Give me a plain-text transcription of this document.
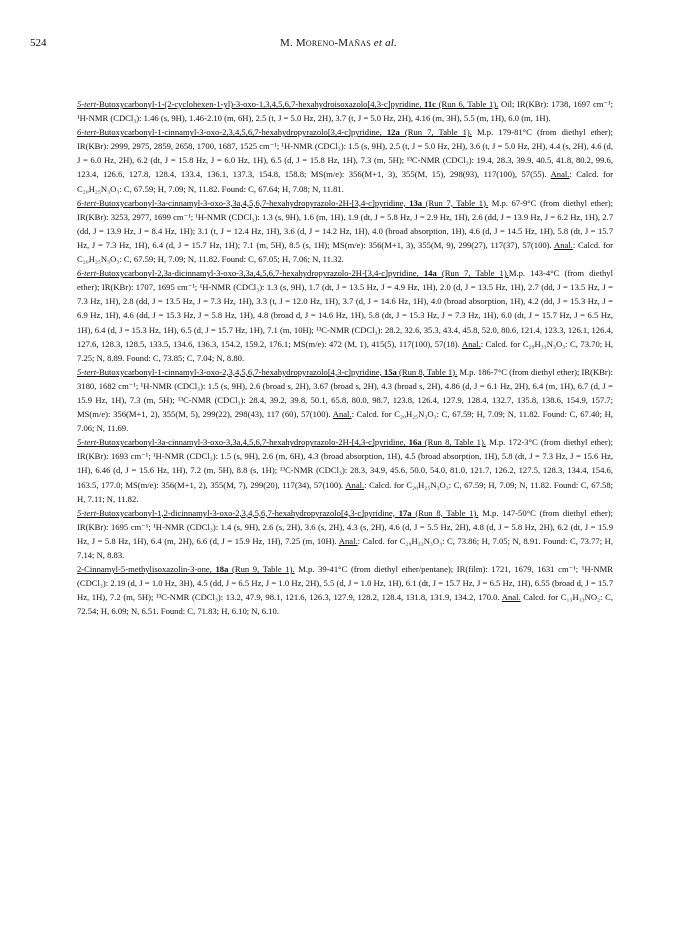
524	M. Moreno-Mañas et al.

5-tert-Butoxycarbonyl-1-(2-cyclohexen-1-yl)-3-oxo-1,3,4,5,6,7-hexahydroisoxazolo[4,3-c]pyridine, 11c (Run 6, Table 1). Oil; IR(KBr): 1738, 1697 cm⁻¹; ¹H-NMR (CDCl₃): 1.46 (s, 9H), 1.46-2.10 (m, 6H), 2.5 (t, J = 5.0 Hz, 2H), 3.7 (t, J = 5.0 Hz, 2H), 4.16 (m, 3H), 5.5 (m, 1H), 6.0 (m, 1H).

6-tert-Butoxycarbonyl-1-cinnamyl-3-oxo-2,3,4,5,6,7-hexahydropyrazolo[3,4-c]pyridine, 12a (Run 7, Table 1). M.p. 179-81°C (from diethyl ether); IR(KBr): 2999, 2975, 2859, 2658, 1700, 1687, 1525 cm⁻¹; ¹H-NMR (CDCl₃): 1.5 (s, 9H), 2.5 (t, J = 5.0 Hz, 2H), 3.6 (t, J = 5.0 Hz, 2H), 4.4 (s, 2H), 4.6 (d, J = 6.0 Hz, 2H), 6.2 (dt, J = 15.8 Hz, J = 6.0 Hz, 1H), 6.5 (d, J = 15.8 Hz, 1H), 7.3 (m, 5H); ¹³C-NMR (CDCl₃): 19.4, 28.3, 39.9, 40.5, 41.8, 80.2, 99.6, 123.4, 126.6, 127.8, 128.4, 133.4, 136.1, 137.3, 154.8, 158.8; MS(m/e): 356(M+1, 3), 355(M, 15), 298(93), 117(100), 57(55). Anal.: Calcd. for C₂₀H₂₅N₃O₃: C, 67.59; H, 7.09; N, 11.82. Found: C, 67.64; H, 7.08; N, 11.81.

6-tert-Butoxycarbonyl-3a-cinnamyl-3-oxo-3,3a,4,5,6,7-hexahydropyrazolo-2H-[3,4-c]pyridine, 13a (Run 7, Table 1). M.p. 67-9°C (from diethyl ether); IR(KBr): 3253, 2977, 1699 cm⁻¹; ¹H-NMR (CDCl₃): 1.3 (s, 9H), 1.6 (m, 1H), 1.9 (dt, J = 5.8 Hz, J = 2.9 Hz, 1H), 2.6 (dd, J = 13.9 Hz, J = 6.2 Hz, 1H), 2.7 (dd, J = 13.9 Hz, J = 8.4 Hz, 1H); 3.1 (t, J = 12.4 Hz, 1H), 3.6 (d, J = 14.2 Hz, 1H), 4.0 (broad absorption, 1H), 4.6 (d, J = 14.5 Hz, 1H), 5.8 (dt, J = 15.7 Hz, J = 7.3 Hz, 1H), 6.4 (d, J = 15.7 Hz, 1H); 7.1 (m, 5H), 8.5 (s, 1H); MS(m/e): 356(M+1, 3), 355(M, 9), 299(27), 117(37), 57(100). Anal.: Calcd. for C₂₀H₂₅N₃O₃: C, 67.59; H, 7.09; N, 11.82. Found: C, 67.05; H, 7.06; N, 11.32.

6-tert-Butoxycarbonyl-2,3a-dicinnamyl-3-oxo-3,3a,4,5,6,7-hexahydropyrazolo-2H-[3,4-c]pyridine, 14a (Run 7, Table 1).M.p. 143-4°C (from diethyl ether); IR(KBr): 1707, 1695 cm⁻¹; ¹H-NMR (CDCl₃): 1.3 (s, 9H), 1.7 (dt, J = 13.5 Hz, J = 4.9 Hz, 1H), 2.0 (d, J = 13.5 Hz, 1H), 2.7 (dd, J = 13.5 Hz, J = 7.3 Hz, 1H), 2.8 (dd, J = 13.5 Hz, J = 7.3 Hz, 1H), 3.3 (t, J = 12.0 Hz, 1H), 3.7 (d, J = 14.6 Hz, 1H), 4.0 (broad absorption, 1H), 4.2 (dd, J = 15.3 Hz, J = 6.9 Hz, 1H), 4.6 (dd, J = 15.3 Hz, J = 5.8 Hz, 1H), 4.8 (broad d, J = 14.6 Hz, 1H), 5.8 (dt, J = 15.3 Hz, J = 7.3 Hz, 1H), 6.0 (dt, J = 15.7 Hz, J = 6.5 Hz, 1H), 6.4 (d, J = 15.3 Hz, 1H), 6.5 (d, J = 15.7 Hz, 1H), 7.1 (m, 10H); ¹³C-NMR (CDCl₃): 28.2, 32.6, 35.3, 43.4, 45.8, 52.0, 80.6, 121.4, 123.3, 126.1, 126.4, 127.6, 128.3, 128.5, 133.5, 134.6, 136.3, 154.2, 159.2, 176.1; MS(m/e): 472 (M, 1), 415(5), 117(100), 57(18). Anal.: Calcd. for C₂₉H₃₃N₃O₃: C, 73.70; H, 7.25; N, 8.89. Found: C, 73.85; C, 7.04; N, 8.80.

5-tert-Butoxycarbonyl-1-cinnamyl-3-oxo-2,3,4,5,6,7-hexahydropyrazolo[4,3-c]pyridine, 15a (Run 8, Table 1). M.p. 186-7°C (from diethyl ether); IR(KBr): 3180, 1682 cm⁻¹; ¹H-NMR (CDCl₃): 1.5 (s, 9H), 2.6 (broad s, 2H), 3.67 (broad s, 2H), 4.3 (broad s, 2H), 4.86 (d, J = 6.1 Hz, 2H), 6.4 (m, 1H), 6.7 (d, J = 15.9 Hz, 1H), 7.3 (m, 5H); ¹³C-NMR (CDCl₃): 28.4, 39.2, 39.8, 50.1, 65.8, 80.0, 98.7, 123.8, 126.4, 127.9, 128.4, 132.7, 135.8, 138.6, 154.9, 157.7; MS(m/e): 356(M+1, 2), 355(M, 5), 299(22), 298(43), 117 (60), 57(100). Anal.: Calcd. for C₂₀H₂₅N₃O₃: C, 67.59; H, 7.09; N, 11.82. Found: C, 67.40; H, 7.06; N, 11.69.

5-tert-Butoxycarbonyl-3a-cinnamyl-3-oxo-3,3a,4,5,6,7-hexahydropyrazolo-2H-[4,3-c]pyridine, 16a (Run 8, Table 1). M.p. 172-3°C (from diethyl ether); IR(KBr): 1693 cm⁻¹; ¹H-NMR (CDCl₃): 1.5 (s, 9H), 2.6 (m, 6H), 4.3 (broad absorption, 1H), 4.5 (broad absorption, 1H), 5.8 (dt, J = 7.3 Hz, J = 15.6 Hz, 1H), 6.46 (d, J = 15.6 Hz, 1H), 7.2 (m, 5H), 8.8 (s, 1H); ¹³C-NMR (CDCl₃): 28.3, 34.9, 45.6, 50.0, 54.0, 81.0, 121.7, 126.2, 127.5, 128.3, 134.4, 154.6, 163.5, 177.0; MS(m/e): 356(M+1, 2), 355(M, 7), 299(20), 117(34), 57(100). Anal.: Calcd. for C₂₀H₂₅N₃O₃: C, 67.59; H, 7.09; N, 11.82. Found: C, 67.58; H, 7.11; N, 11.82.

5-tert-Butoxycarbonyl-1,2-dicinnamyl-3-oxo-2,3,4,5,6,7-hexahydropyrazolo[4,3-c]pyridine, 17a (Run 8, Table 1). M.p. 147-50°C (from diethyl ether); IR(KBr): 1695 cm⁻¹; ¹H-NMR (CDCl₃): 1.4 (s, 9H), 2.6 (s, 2H), 3.6 (s, 2H), 4.3 (s, 2H), 4.6 (d, J = 5.5 Hz, 2H), 4.8 (d, J = 5.8 Hz, 2H), 6.2 (dt, J = 15.9 Hz, J = 5.8 Hz, 1H), 6.4 (m, 2H), 6.6 (d, J = 15.9 Hz, 1H), 7.25 (m, 10H). Anal.: Calcd. for C₂₉H₃₃N₃O₃: C, 73.86; H, 7.05; N, 8.91. Found: C, 73.77; H, 7.14; N, 8.83.

2-Cinnamyl-5-methylisoxazolin-3-one, 18a (Run 9, Table 1). M.p. 39-41°C (from diethyl ether/pentane); IR(film): 1721, 1679, 1631 cm⁻¹; ¹H-NMR (CDCl₃): 2.19 (d, J = 1.0 Hz, 3H), 4.5 (dd, J = 6.5 Hz, J = 1.0 Hz, 2H), 5.5 (d, J = 1.0 Hz, 1H), 6.1 (dt, J = 15.7 Hz, J = 6.5 Hz, 1H), 6.55 (broad d, J = 15.7 Hz, 1H), 7.2 (m, 5H); ¹³C-NMR (CDCl₃): 13.2, 47.9, 98.1, 121.6, 126.3, 127.9, 128.2, 128.4, 131.8, 131.9, 134.2, 170.0. Anal. Calcd. for C₁₃H₁₃NO₂: C, 72.54; H, 6.09; N, 6.51. Found: C, 71.83; H, 6.10; N, 6.10.
